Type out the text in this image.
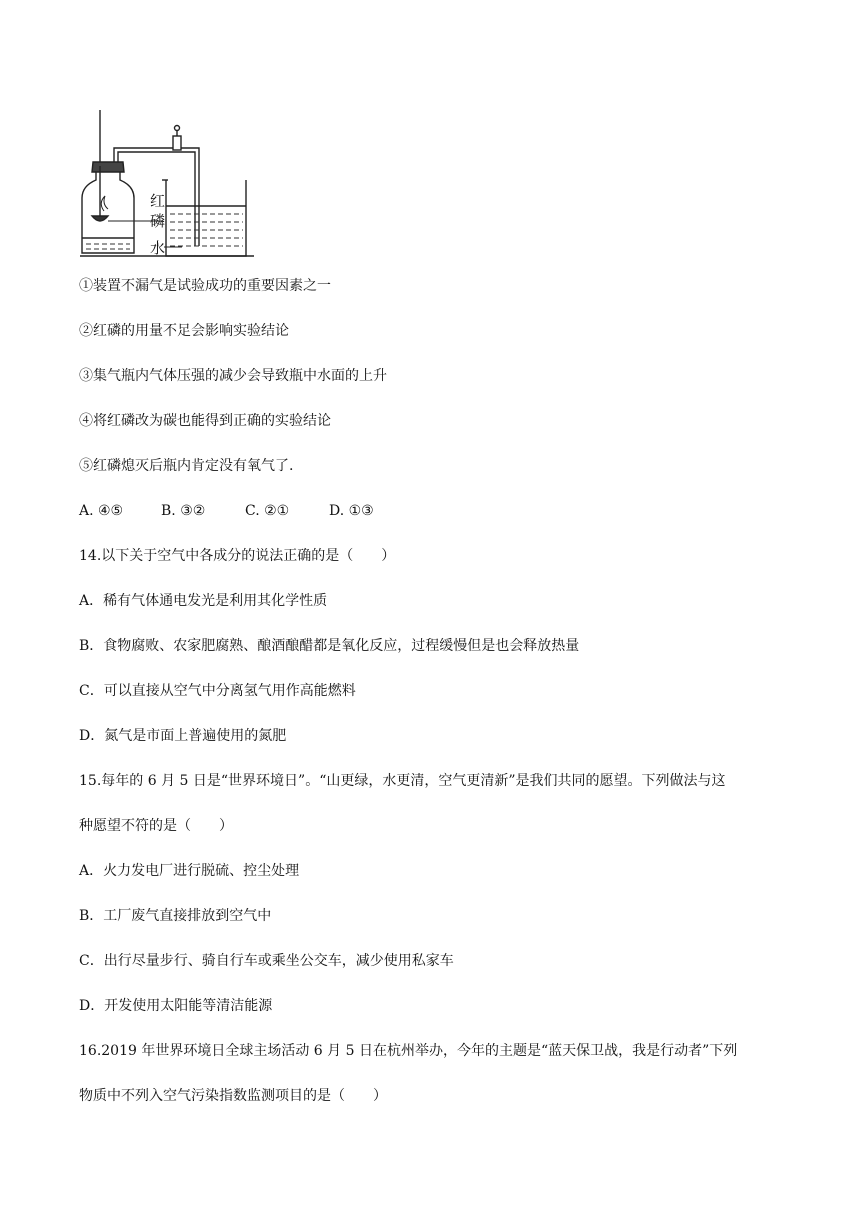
红
磷
水
①装置不漏气是试验成功的重要因素之一
②红磷的用量不足会影响实验结论
③集气瓶内气体压强的减少会导致瓶中水面的上升
④将红磷改为碳也能得到正确的实验结论
⑤红磷熄灭后瓶内肯定没有氧气了.
A. ④⑤	B. ③②	C. ②①	D. ①③
14.以下关于空气中各成分的说法正确的是（　　）
A．稀有气体通电发光是利用其化学性质
B．食物腐败、农家肥腐熟、酿酒酿醋都是氧化反应，过程缓慢但是也会释放热量
C．可以直接从空气中分离氢气用作高能燃料
D．氮气是市面上普遍使用的氮肥
15.每年的 6 月 5 日是“世界环境日”。“山更绿，水更清，空气更清新”是我们共同的愿望。下列做法与这
种愿望不符的是（　　）
A．火力发电厂进行脱硫、控尘处理
B．工厂废气直接排放到空气中
C．出行尽量步行、骑自行车或乘坐公交车，减少使用私家车
D．开发使用太阳能等清洁能源
16.2019 年世界环境日全球主场活动 6 月 5 日在杭州举办，今年的主题是“蓝天保卫战，我是行动者”下列
物质中不列入空气污染指数监测项目的是（　　）
